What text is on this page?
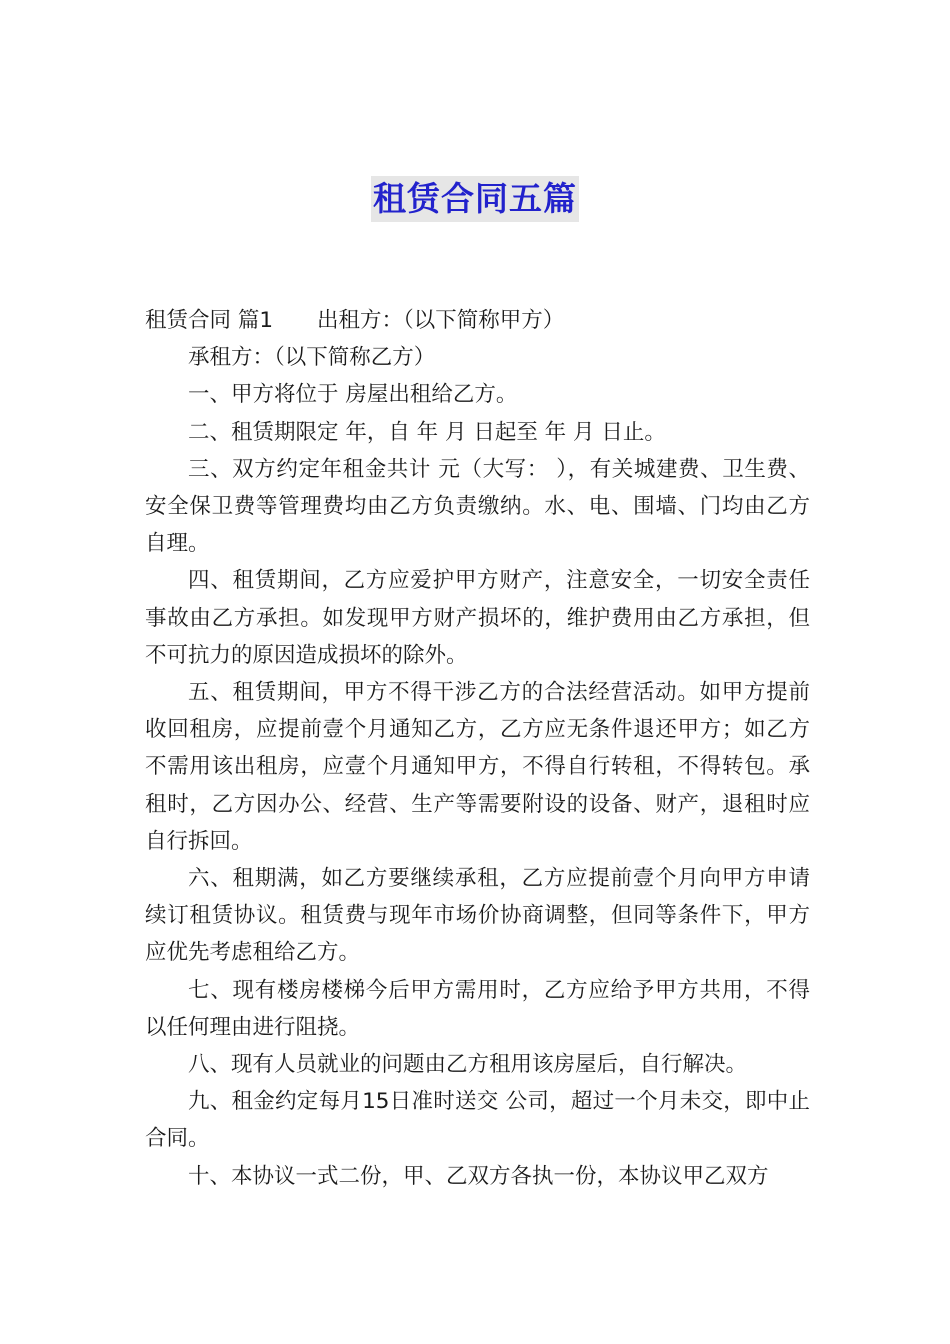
租赁合同五篇

租赁合同 篇1 出租方：（以下简称甲方）

承租方：（以下简称乙方）

一、甲方将位于 房屋出租给乙方。

二、租赁期限定 年，自 年 月 日起至 年 月 日止。

三、双方约定年租金共计 元（大写： ），有关城建费、卫生费、安全保卫费等管理费均由乙方负责缴纳。水、电、围墙、门均由乙方自理。

四、租赁期间，乙方应爱护甲方财产，注意安全，一切安全责任事故由乙方承担。如发现甲方财产损坏的，维护费用由乙方承担，但不可抗力的原因造成损坏的除外。

五、租赁期间，甲方不得干涉乙方的合法经营活动。如甲方提前收回租房，应提前壹个月通知乙方，乙方应无条件退还甲方；如乙方不需用该出租房，应壹个月通知甲方，不得自行转租，不得转包。承租时，乙方因办公、经营、生产等需要附设的设备、财产，退租时应自行拆回。

六、租期满，如乙方要继续承租，乙方应提前壹个月向甲方申请续订租赁协议。租赁费与现年市场价协商调整，但同等条件下，甲方应优先考虑租给乙方。

七、现有楼房楼梯今后甲方需用时，乙方应给予甲方共用，不得以任何理由进行阻挠。

八、现有人员就业的问题由乙方租用该房屋后，自行解决。

九、租金约定每月15日准时送交 公司，超过一个月未交，即中止合同。

十、本协议一式二份，甲、乙双方各执一份，本协议甲乙双方
